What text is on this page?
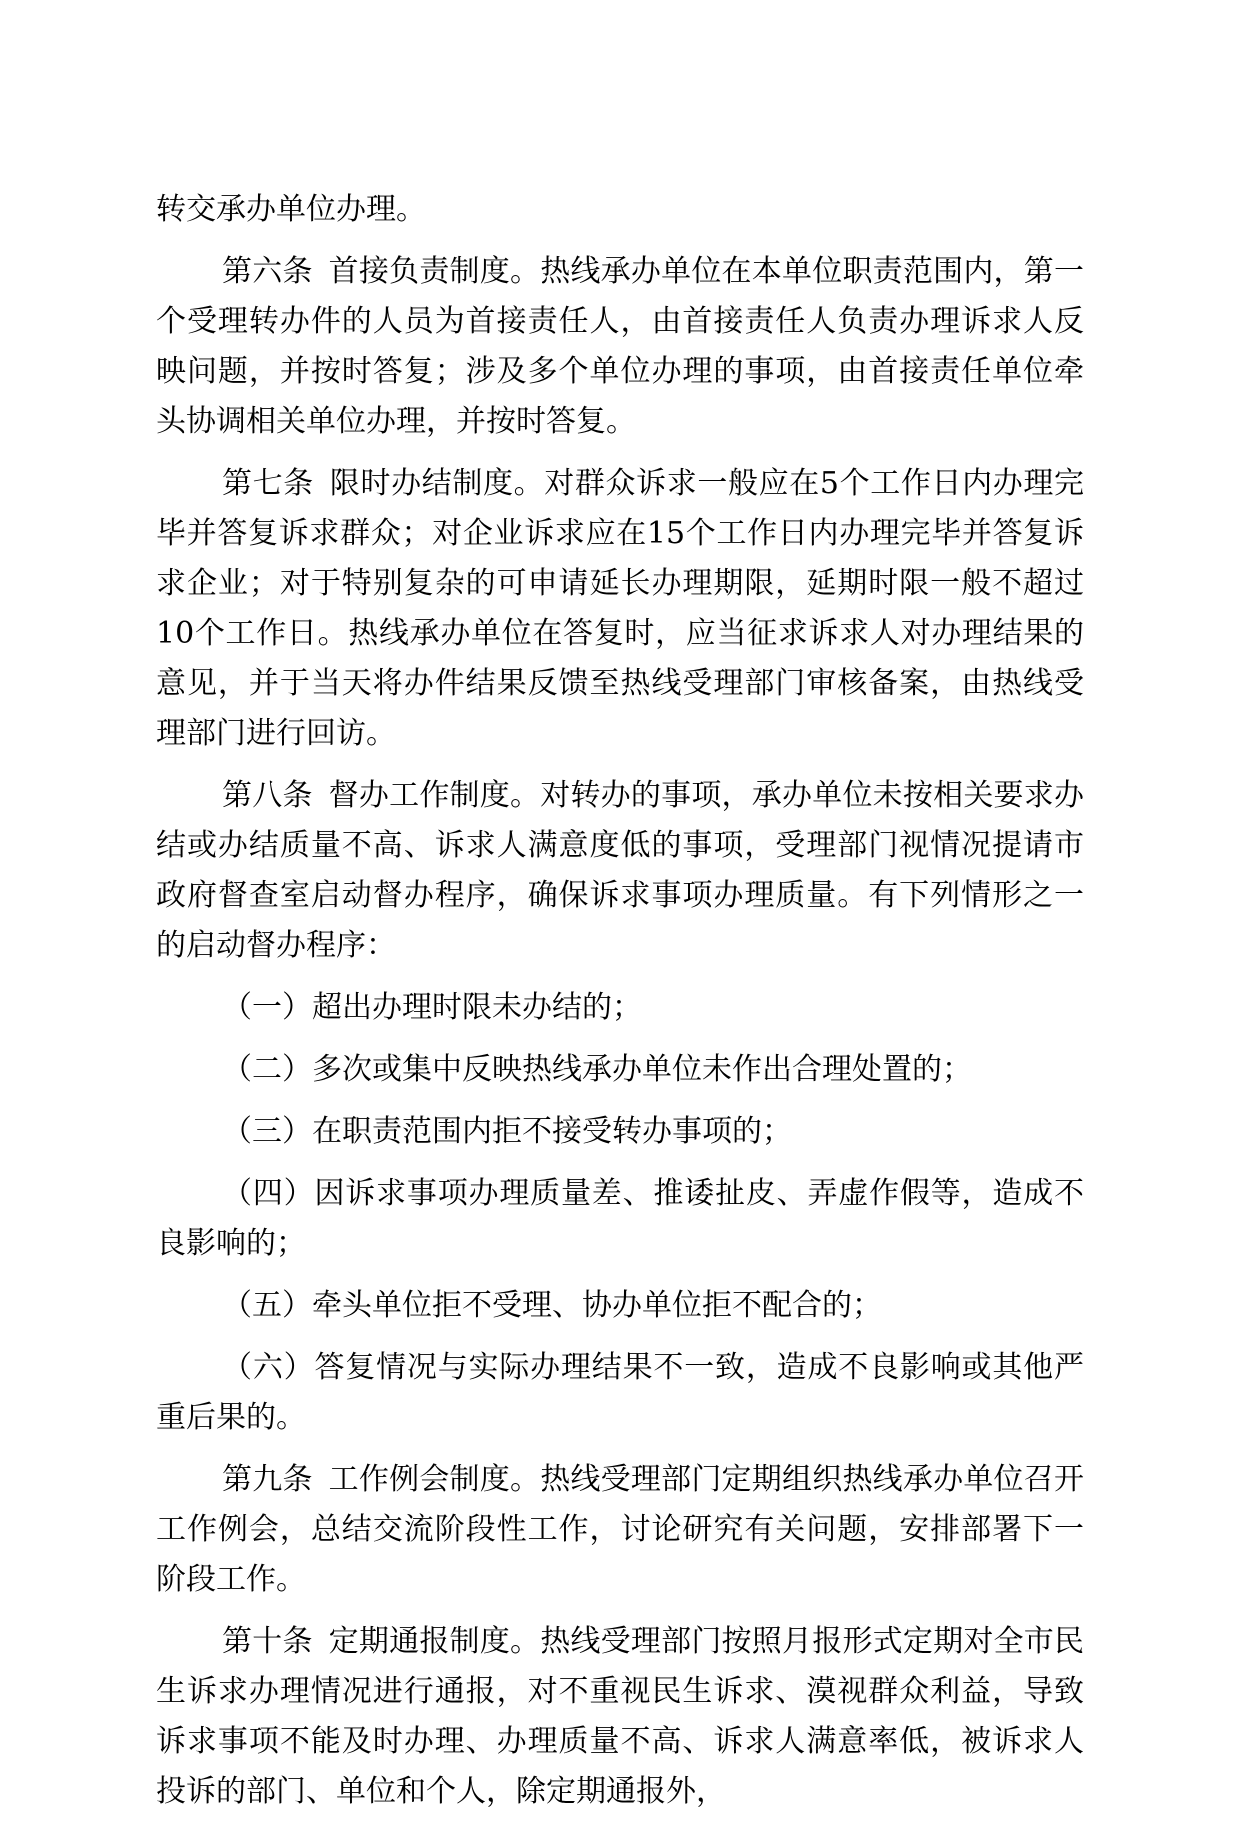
转交承办单位办理。

第六条 首接负责制度。热线承办单位在本单位职责范围内，第一个受理转办件的人员为首接责任人，由首接责任人负责办理诉求人反映问题，并按时答复；涉及多个单位办理的事项，由首接责任单位牵头协调相关单位办理，并按时答复。

第七条 限时办结制度。对群众诉求一般应在5个工作日内办理完毕并答复诉求群众；对企业诉求应在15个工作日内办理完毕并答复诉求企业；对于特别复杂的可申请延长办理期限，延期时限一般不超过10个工作日。热线承办单位在答复时，应当征求诉求人对办理结果的意见，并于当天将办件结果反馈至热线受理部门审核备案，由热线受理部门进行回访。

第八条 督办工作制度。对转办的事项，承办单位未按相关要求办结或办结质量不高、诉求人满意度低的事项，受理部门视情况提请市政府督查室启动督办程序，确保诉求事项办理质量。有下列情形之一的启动督办程序：

（一）超出办理时限未办结的；

（二）多次或集中反映热线承办单位未作出合理处置的；

（三）在职责范围内拒不接受转办事项的；

（四）因诉求事项办理质量差、推诿扯皮、弄虚作假等，造成不良影响的；

（五）牵头单位拒不受理、协办单位拒不配合的；

（六）答复情况与实际办理结果不一致，造成不良影响或其他严重后果的。

第九条 工作例会制度。热线受理部门定期组织热线承办单位召开工作例会，总结交流阶段性工作，讨论研究有关问题，安排部署下一阶段工作。

第十条 定期通报制度。热线受理部门按照月报形式定期对全市民生诉求办理情况进行通报，对不重视民生诉求、漠视群众利益，导致诉求事项不能及时办理、办理质量不高、诉求人满意率低，被诉求人投诉的部门、单位和个人，除定期通报外，
